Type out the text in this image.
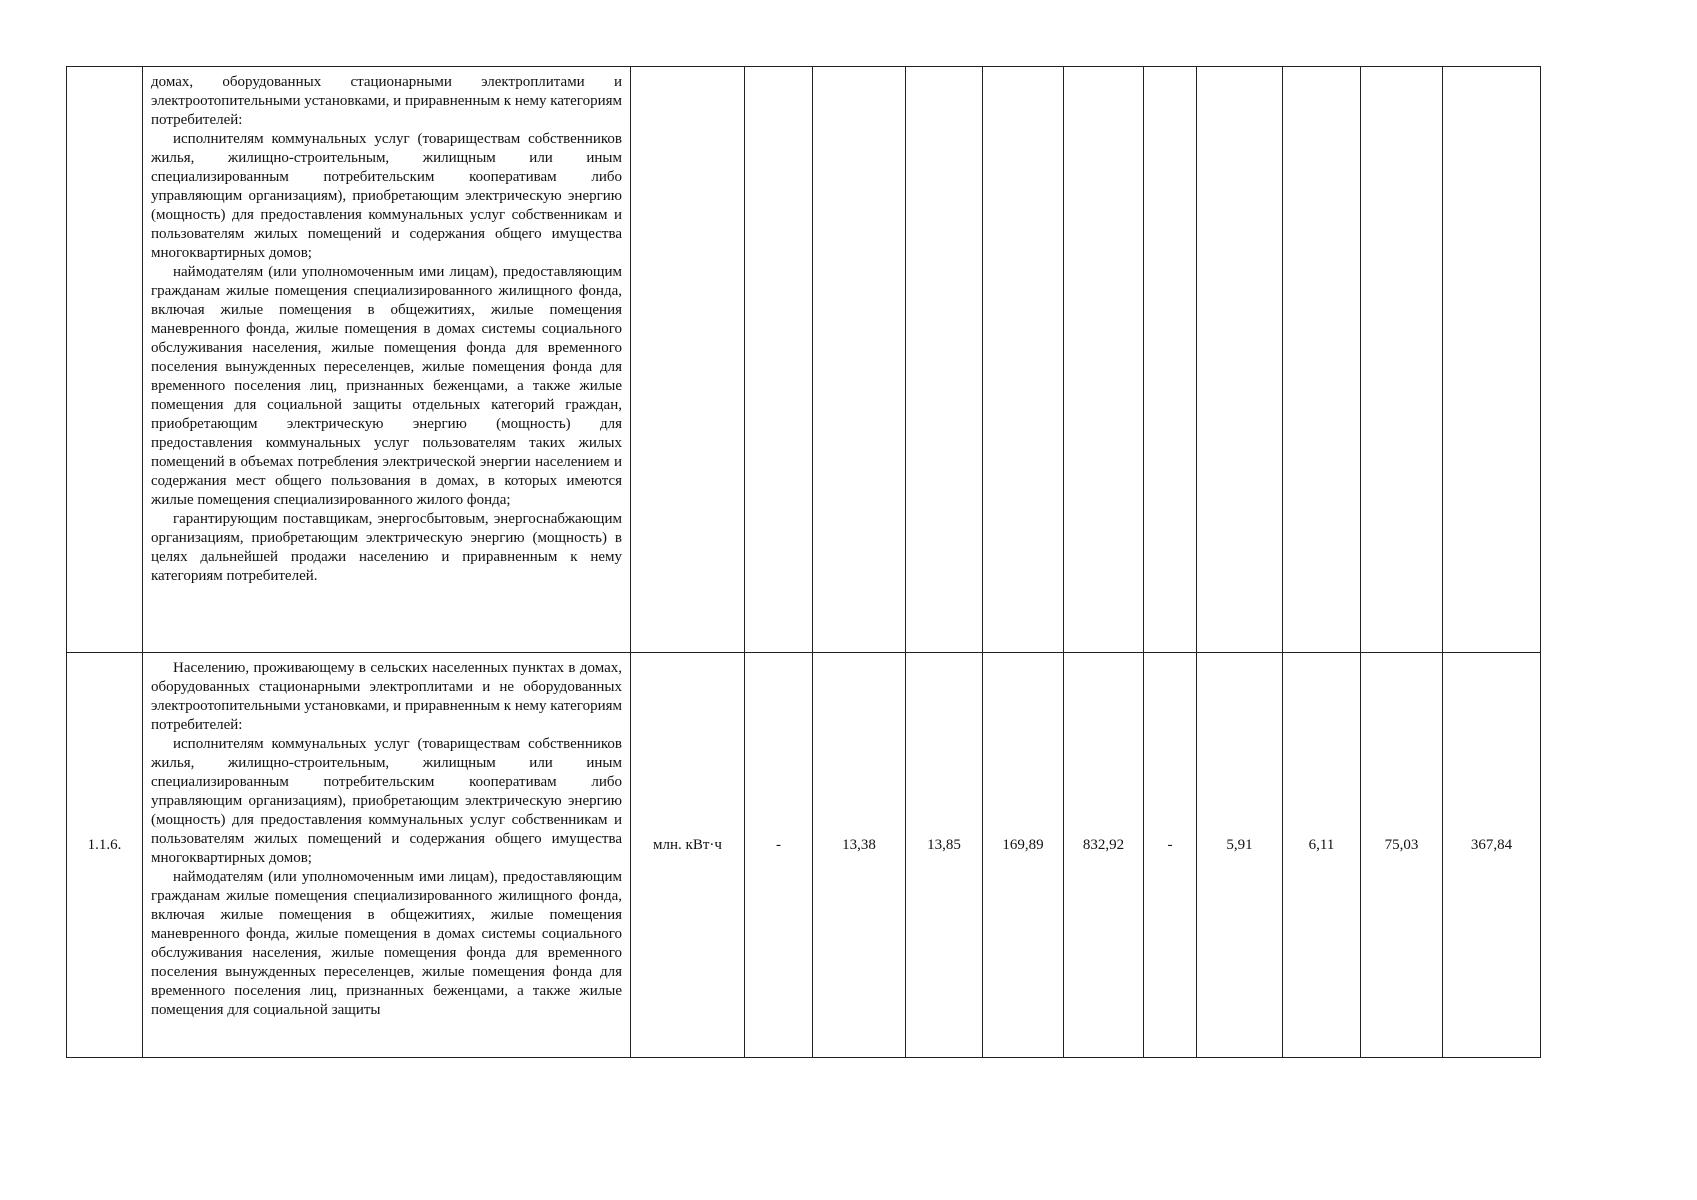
	домах, оборудованных стационарными электроплитами и электроотопительными установками, и приравненным к нему категориям потребителей:

исполнителям коммунальных услуг (товариществам собственников жилья, жилищно-строительным, жилищным или иным специализированным потребительским кооперативам либо управляющим организациям), приобретающим электрическую энергию (мощность) для предоставления коммунальных услуг собственникам и пользователям жилых помещений и содержания общего имущества многоквартирных домов;

наймодателям (или уполномоченным ими лицам), предоставляющим гражданам жилые помещения специализированного жилищного фонда, включая жилые помещения в общежитиях, жилые помещения маневренного фонда, жилые помещения в домах системы социального обслуживания населения, жилые помещения фонда для временного поселения вынужденных переселенцев, жилые помещения фонда для временного поселения лиц, признанных беженцами, а также жилые помещения для социальной защиты отдельных категорий граждан, приобретающим электрическую энергию (мощность) для предоставления коммунальных услуг пользователям таких жилых помещений в объемах потребления электрической энергии населением и содержания мест общего пользования в домах, в которых имеются жилые помещения специализированного жилого фонда;

гарантирующим поставщикам, энергосбытовым, энергоснабжающим организациям, приобретающим электрическую энергию (мощность) в целях дальнейшей продажи населению и приравненным к нему категориям потребителей.											

1.1.6.	Населению, проживающему в сельских населенных пунктах в домах, оборудованных стационарными электроплитами и не оборудованных электроотопительными установками, и приравненным к нему категориям потребителей:

исполнителям коммунальных услуг (товариществам собственников жилья, жилищно-строительным, жилищным или иным специализированным потребительским кооперативам либо управляющим организациям), приобретающим электрическую энергию (мощность) для предоставления коммунальных услуг собственникам и пользователям жилых помещений и содержания общего имущества многоквартирных домов;

наймодателям (или уполномоченным ими лицам), предоставляющим гражданам жилые помещения специализированного жилищного фонда, включая жилые помещения в общежитиях, жилые помещения маневренного фонда, жилые помещения в домах системы социального обслуживания населения, жилые помещения фонда для временного поселения вынужденных переселенцев, жилые помещения фонда для временного поселения лиц, признанных беженцами, а также жилые помещения для социальной защиты	млн. кВт·ч	-	13,38	13,85	169,89	832,92	-	5,91	6,11	75,03	367,84
